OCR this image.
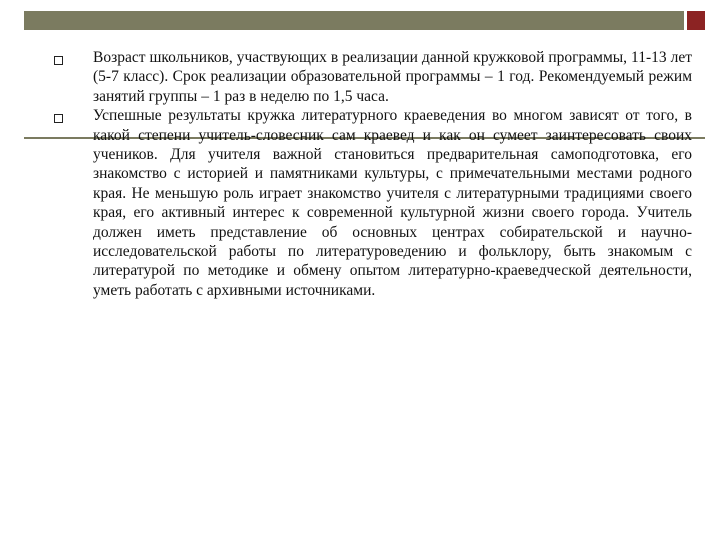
Возраст школьников, участвующих в реализации данной кружковой программы, 11-13 лет (5-7 класс). Срок реализации образовательной программы – 1 год. Рекомендуемый режим занятий группы – 1 раз в неделю по 1,5 часа.
Успешные результаты кружка литературного краеведения во многом зависят от того, в какой степени учитель-словесник сам краевед и как он сумеет заинтересовать своих учеников. Для учителя важной становиться предварительная самоподготовка, его знакомство с историей и памятниками культуры, с примечательными местами родного края. Не меньшую роль играет знакомство учителя с литературными традициями своего края, его активный интерес к современной культурной жизни своего города. Учитель должен иметь представление об основных центрах собирательской и научно-исследовательской работы по литературоведению и фольклору, быть знакомым с литературой по методике и обмену опытом литературно-краеведческой деятельности, уметь работать с архивными источниками.
